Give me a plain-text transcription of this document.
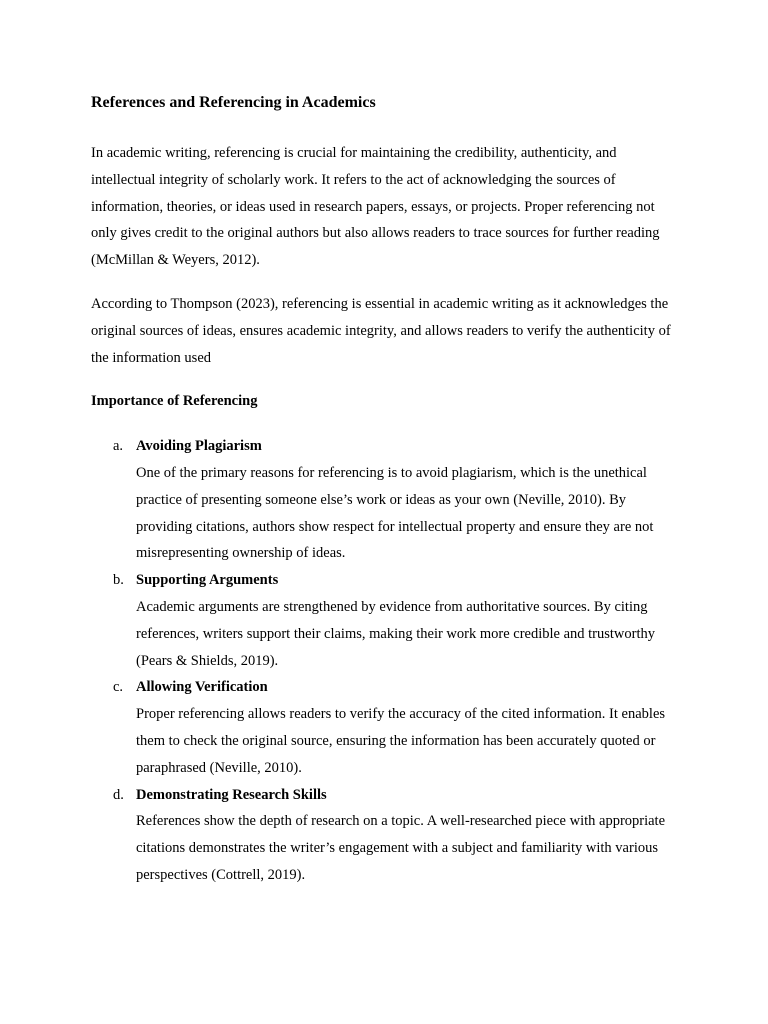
References and Referencing in Academics

In academic writing, referencing is crucial for maintaining the credibility, authenticity, and intellectual integrity of scholarly work. It refers to the act of acknowledging the sources of information, theories, or ideas used in research papers, essays, or projects. Proper referencing not only gives credit to the original authors but also allows readers to trace sources for further reading (McMillan & Weyers, 2012).

According to Thompson (2023), referencing is essential in academic writing as it acknowledges the original sources of ideas, ensures academic integrity, and allows readers to verify the authenticity of the information used

Importance of Referencing
a. Avoiding Plagiarism
One of the primary reasons for referencing is to avoid plagiarism, which is the unethical practice of presenting someone else’s work or ideas as your own (Neville, 2010). By providing citations, authors show respect for intellectual property and ensure they are not misrepresenting ownership of ideas.
b. Supporting Arguments
Academic arguments are strengthened by evidence from authoritative sources. By citing references, writers support their claims, making their work more credible and trustworthy (Pears & Shields, 2019).
c. Allowing Verification
Proper referencing allows readers to verify the accuracy of the cited information. It enables them to check the original source, ensuring the information has been accurately quoted or paraphrased (Neville, 2010).
d. Demonstrating Research Skills
References show the depth of research on a topic. A well-researched piece with appropriate citations demonstrates the writer’s engagement with a subject and familiarity with various perspectives (Cottrell, 2019).
